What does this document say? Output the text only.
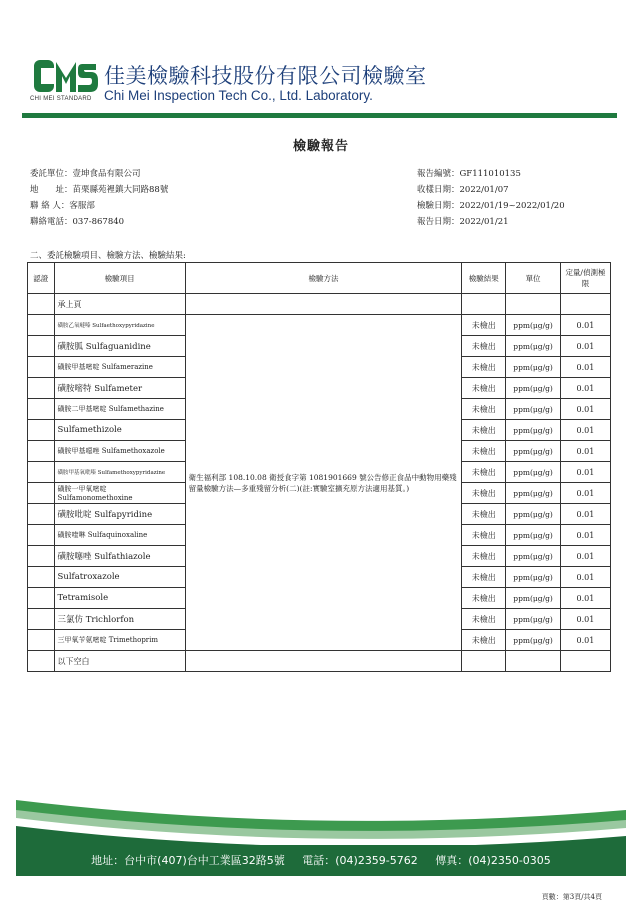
CHI MEI STANDARD
佳美檢驗科技股份有限公司檢驗室
Chi Mei Inspection Tech Co., Ltd. Laboratory.
檢驗報告
委託單位：壹坤食品有限公司
地　　址：苗栗縣苑裡鎮大同路88號
聯 絡 人：客服部
聯絡電話：037-867840
報告編號：GF111010135
收樣日期：2022/01/07
檢驗日期：2022/01/19~2022/01/20
報告日期：2022/01/21
二、委託檢驗項目、檢驗方法、檢驗結果:
認證	檢驗項目	檢驗方法	檢驗結果	單位	定量/偵測極限
	承上頁				
	磺胺乙氧噠嗪 Sulfaethoxypyridazine	衛生福利部 108.10.08 衛授食字第 1081901669 號公告修正食品中動物用藥殘留量檢驗方法—多重殘留分析(二)(註:實驗室擴充原方法適用基質。)	未檢出	ppm(μg/g)	0.01
	磺胺胍 Sulfaguanidine		未檢出	ppm(μg/g)	0.01
	磺胺甲基嘧啶 Sulfamerazine		未檢出	ppm(μg/g)	0.01
	磺胺嘧特 Sulfameter		未檢出	ppm(μg/g)	0.01
	磺胺二甲基嘧啶 Sulfamethazine		未檢出	ppm(μg/g)	0.01
	Sulfamethizole		未檢出	ppm(μg/g)	0.01
	磺胺甲基噁唑 Sulfamethoxazole		未檢出	ppm(μg/g)	0.01
	磺胺甲基氧吡嗪 Sulfamethoxypyridazine		未檢出	ppm(μg/g)	0.01
	磺胺一甲氧嘧啶 Sulfamonomethoxine		未檢出	ppm(μg/g)	0.01
	磺胺吡啶 Sulfapyridine		未檢出	ppm(μg/g)	0.01
	磺胺喹啉 Sulfaquinoxaline		未檢出	ppm(μg/g)	0.01
	磺胺噻唑 Sulfathiazole		未檢出	ppm(μg/g)	0.01
	Sulfatroxazole		未檢出	ppm(μg/g)	0.01
	Tetramisole		未檢出	ppm(μg/g)	0.01
	三氯仿 Trichlorfon		未檢出	ppm(μg/g)	0.01
	三甲氧苄氨嘧啶 Trimethoprim		未檢出	ppm(μg/g)	0.01
	以下空白				
地址：台中市(407)台中工業區32路5號 電話：(04)2359-5762 傳真：(04)2350-0305
頁數：第3頁/共4頁
